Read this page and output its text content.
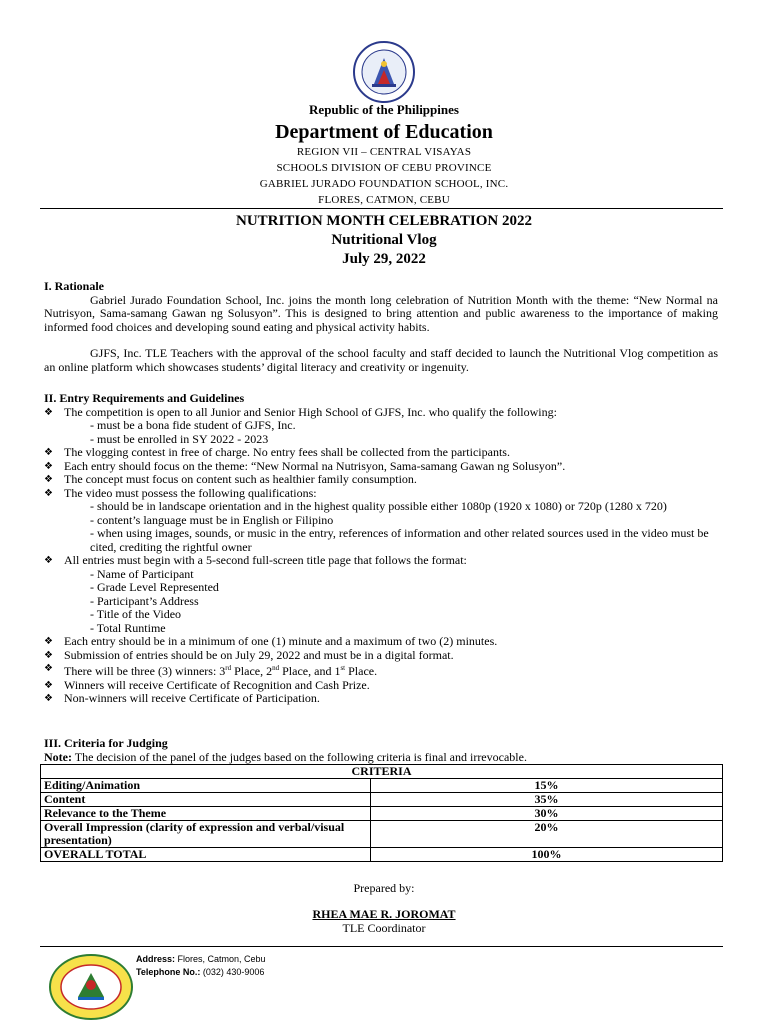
Republic of the Philippines
Department of Education
REGION VII – CENTRAL VISAYAS
SCHOOLS DIVISION OF CEBU PROVINCE
GABRIEL JURADO FOUNDATION SCHOOL, INC.
FLORES, CATMON, CEBU
NUTRITION MONTH CELEBRATION 2022
Nutritional Vlog
July 29, 2022
I. Rationale

Gabriel Jurado Foundation School, Inc. joins the month long celebration of Nutrition Month with the theme: “New Normal na Nutrisyon, Sama-samang Gawan ng Solusyon”. This is designed to bring attention and public awareness to the importance of making informed food choices and developing sound eating and physical activity habits.

GJFS, Inc. TLE Teachers with the approval of the school faculty and staff decided to launch the Nutritional Vlog competition as an online platform which showcases students’ digital literacy and creativity or ingenuity.

II. Entry Requirements and Guidelines
❖ The competition is open to all Junior and Senior High School of GJFS, Inc. who qualify the following:
- must be a bona fide student of GJFS, Inc.
- must be enrolled in SY 2022 - 2023
❖ The vlogging contest in free of charge. No entry fees shall be collected from the participants.
❖ Each entry should focus on the theme: “New Normal na Nutrisyon, Sama-samang Gawan ng Solusyon”.
❖ The concept must focus on content such as healthier family consumption.
❖ The video must possess the following qualifications:
- should be in landscape orientation and in the highest quality possible either 1080p (1920 x 1080) or 720p (1280 x 720)
- content’s language must be in English or Filipino
- when using images, sounds, or music in the entry, references of information and other related sources used in the video must be cited, crediting the rightful owner
❖ All entries must begin with a 5-second full-screen title page that follows the format:
- Name of Participant
- Grade Level Represented
- Participant’s Address
- Title of the Video
- Total Runtime
❖ Each entry should be in a minimum of one (1) minute and a maximum of two (2) minutes.
❖ Submission of entries should be on July 29, 2022 and must be in a digital format.
❖ There will be three (3) winners: 3rd Place, 2nd Place, and 1st Place.
❖ Winners will receive Certificate of Recognition and Cash Prize.
❖ Non-winners will receive Certificate of Participation.
III. Criteria for Judging
Note: The decision of the panel of the judges based on the following criteria is final and irrevocable.
CRITERIA	
Editing/Animation	15%
Content	35%
Relevance to the Theme	30%
Overall Impression (clarity of expression and verbal/visual presentation)	20%
OVERALL TOTAL	100%
Prepared by:
RHEA MAE R. JOROMAT
TLE Coordinator
Address: Flores, Catmon, Cebu
Telephone No.: (032) 430-9006
